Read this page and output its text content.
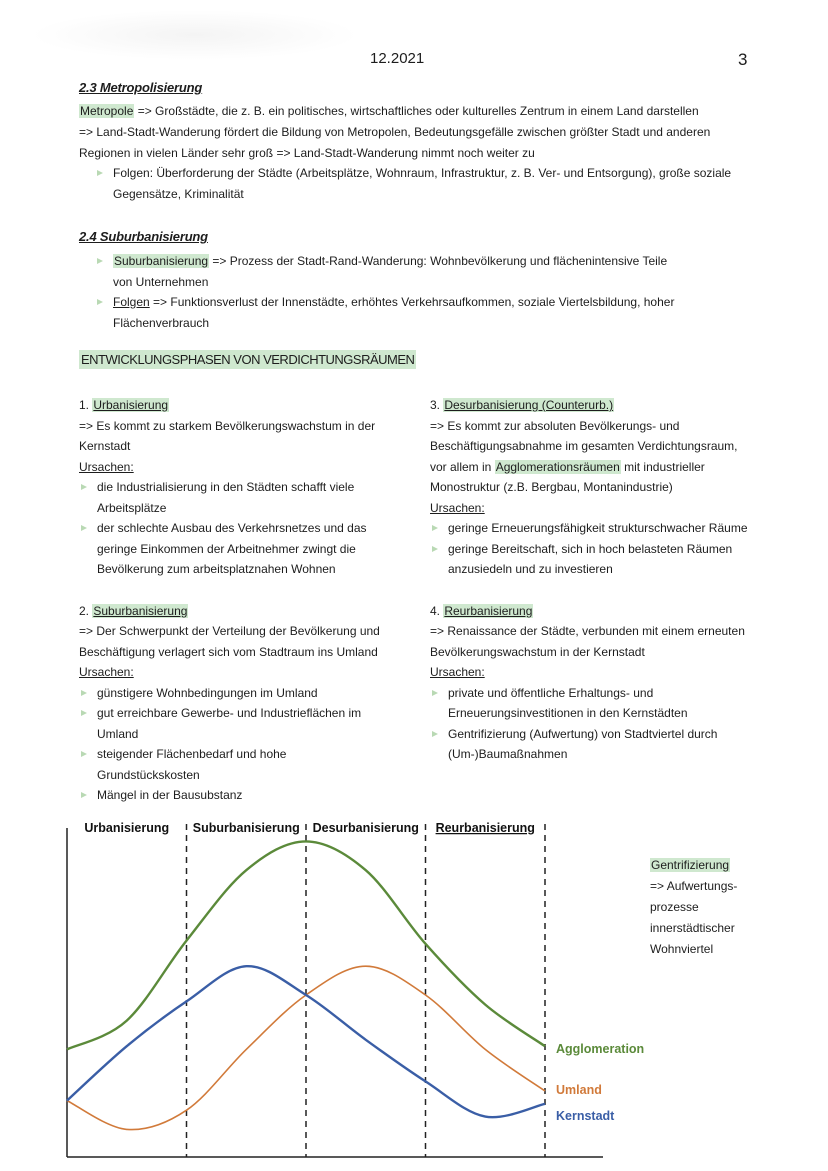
12.2021	3
2.3 Metropolisierung
Metropole => Großstädte, die z. B. ein politisches, wirtschaftliches oder kulturelles Zentrum in einem Land darstellen
=> Land-Stadt-Wanderung fördert die Bildung von Metropolen, Bedeutungsgefälle zwischen größter Stadt und anderen Regionen in vielen Länder sehr groß => Land-Stadt-Wanderung nimmt noch weiter zu
Folgen: Überforderung der Städte (Arbeitsplätze, Wohnraum, Infrastruktur, z. B. Ver- und Entsorgung), große soziale Gegensätze, Kriminalität
2.4 Suburbanisierung
Suburbanisierung => Prozess der Stadt-Rand-Wanderung: Wohnbevölkerung und flächenintensive Teile von Unternehmen
Folgen => Funktionsverlust der Innenstädte, erhöhtes Verkehrsaufkommen, soziale Viertelsbildung, hoher Flächenverbrauch
ENTWICKLUNGSPHASEN VON VERDICHTUNGSRÄUMEN
1. Urbanisierung
=> Es kommt zu starkem Bevölkerungswachstum in der Kernstadt
Ursachen:
die Industrialisierung in den Städten schafft viele Arbeitsplätze
der schlechte Ausbau des Verkehrsnetzes und das geringe Einkommen der Arbeitnehmer zwingt die Bevölkerung zum arbeitsplatznahen Wohnen
2. Suburbanisierung
=> Der Schwerpunkt der Verteilung der Bevölkerung und Beschäftigung verlagert sich vom Stadtraum ins Umland
Ursachen:
günstigere Wohnbedingungen im Umland
gut erreichbare Gewerbe- und Industrieflächen im Umland
steigender Flächenbedarf und hohe Grundstückskosten
Mängel in der Bausubstanz
3. Desurbanisierung (Counterurb.)
=> Es kommt zur absoluten Bevölkerungs- und Beschäftigungsabnahme im gesamten Verdichtungsraum, vor allem in Agglomerationsräumen mit industrieller Monostruktur (z.B. Bergbau, Montanindustrie)
Ursachen:
geringe Erneuerungsfähigkeit strukturschwacher Räume
geringe Bereitschaft, sich in hoch belasteten Räumen anzusiedeln und zu investieren
4. Reurbanisierung
=> Renaissance der Städte, verbunden mit einem erneuten Bevölkerungswachstum in der Kernstadt
Ursachen:
private und öffentliche Erhaltungs- und Erneuerungsinvestitionen in den Kernstädten
Gentrifizierung (Aufwertung) von Stadtviertel durch (Um-)Baumaßnahmen
Urbanisierung Suburbanisierung Desurbanisierung Reurbanisierung
Agglomeration
Umland
Kernstadt
Gentrifizierung
=> Aufwertungs-
prozesse
innerstädtischer
Wohnviertel
